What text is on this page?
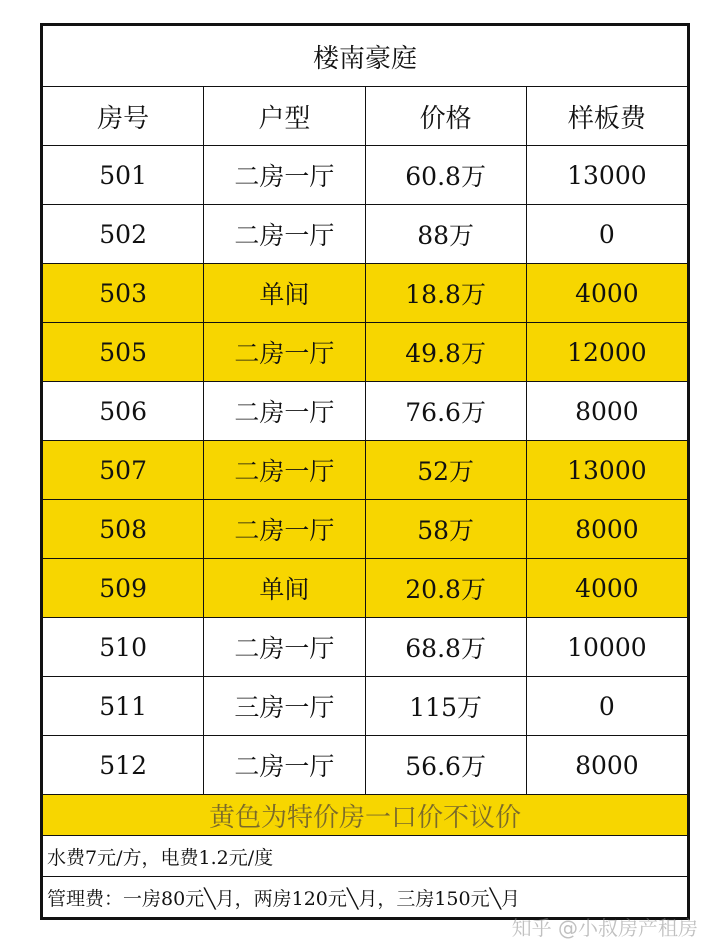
楼南豪庭			
房号	户型	价格	样板费
501	二房一厅	60.8万	13000
502	二房一厅	88万	0
503	单间	18.8万	4000
505	二房一厅	49.8万	12000
506	二房一厅	76.6万	8000
507	二房一厅	52万	13000
508	二房一厅	58万	8000
509	单间	20.8万	4000
510	二房一厅	68.8万	10000
511	三房一厅	115万	0
512	二房一厅	56.6万	8000
黄色为特价房一口价不议价			
水费7元/方，电费1.2元/度			
管理费：一房80元╲月，两房120元╲月，三房150元╲月			
知乎 @小叔房产租房
